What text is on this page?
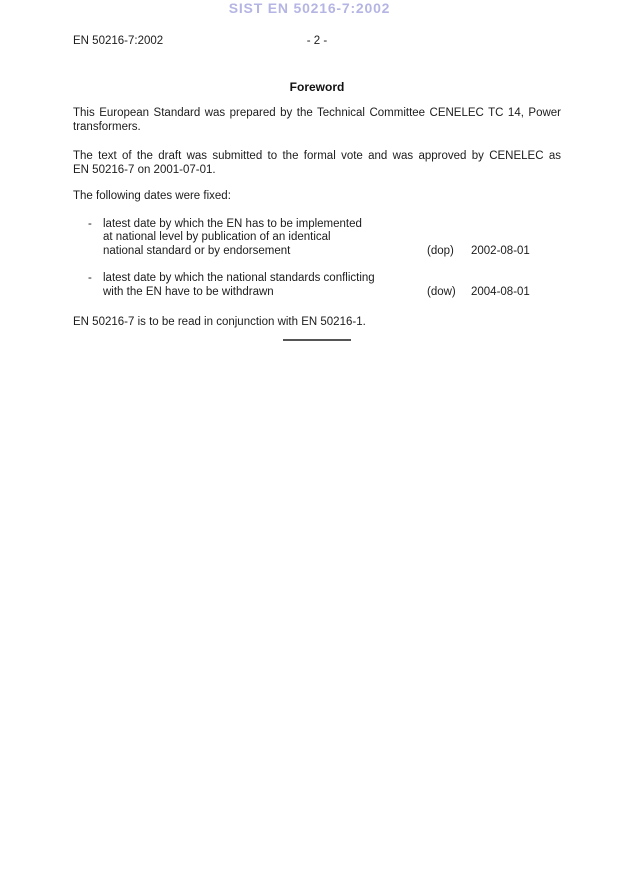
SIST EN 50216-7:2002
EN 50216-7:2002	- 2 -
Foreword
This European Standard was prepared by the Technical Committee CENELEC TC 14, Power
transformers.
The text of the draft was submitted to the formal vote and was approved by CENELEC as
EN 50216-7 on 2001-07-01.
The following dates were fixed:
- latest date by which the EN has to be implemented
at national level by publication of an identical
national standard or by endorsement	(dop) 2002-08-01
- latest date by which the national standards conflicting
with the EN have to be withdrawn	(dow) 2004-08-01
EN 50216-7 is to be read in conjunction with EN 50216-1.
